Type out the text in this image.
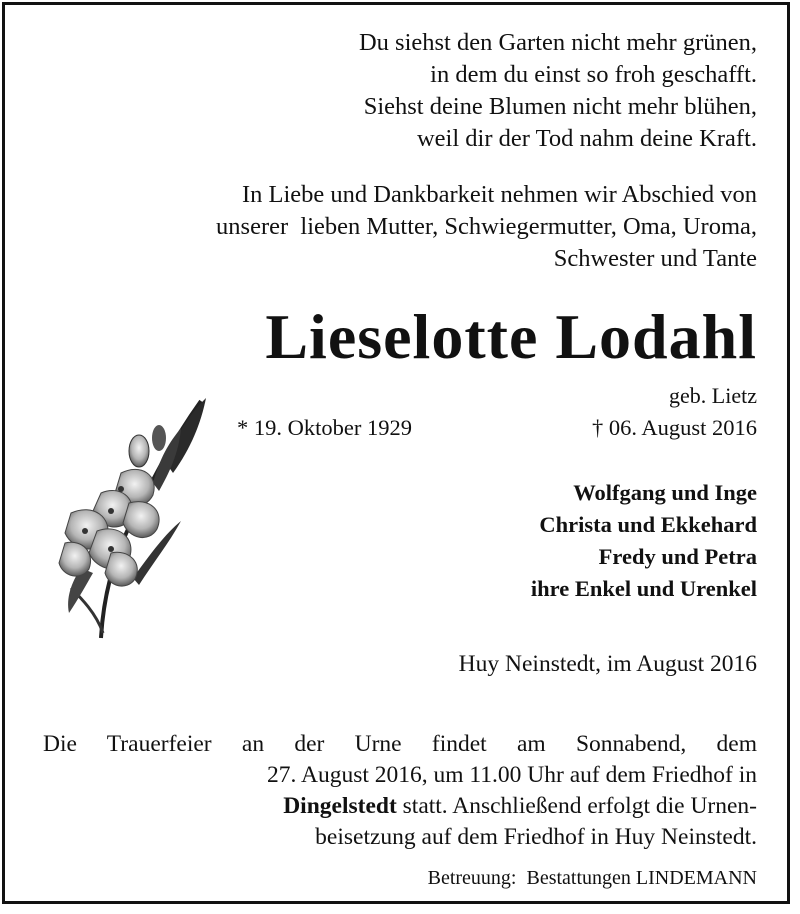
Du siehst den Garten nicht mehr grünen,
in dem du einst so froh geschafft.
Siehst deine Blumen nicht mehr blühen,
weil dir der Tod nahm deine Kraft.
In Liebe und Dankbarkeit nehmen wir Abschied von
unserer  lieben Mutter, Schwiegermutter, Oma, Uroma,
Schwester und Tante
Lieselotte Lodahl
geb. Lietz
* 19. Oktober 1929	† 06. August 2016
Wolfgang und Inge
Christa und Ekkehard
Fredy und Petra
ihre Enkel und Urenkel
Huy Neinstedt, im August 2016
Die Trauerfeier an der Urne findet am Sonnabend, dem
27. August 2016, um 11.00 Uhr auf dem Friedhof in
Dingelstedt statt. Anschließend erfolgt die Urnen-
beisetzung auf dem Friedhof in Huy Neinstedt.
Betreuung:  Bestattungen LINDEMANN
